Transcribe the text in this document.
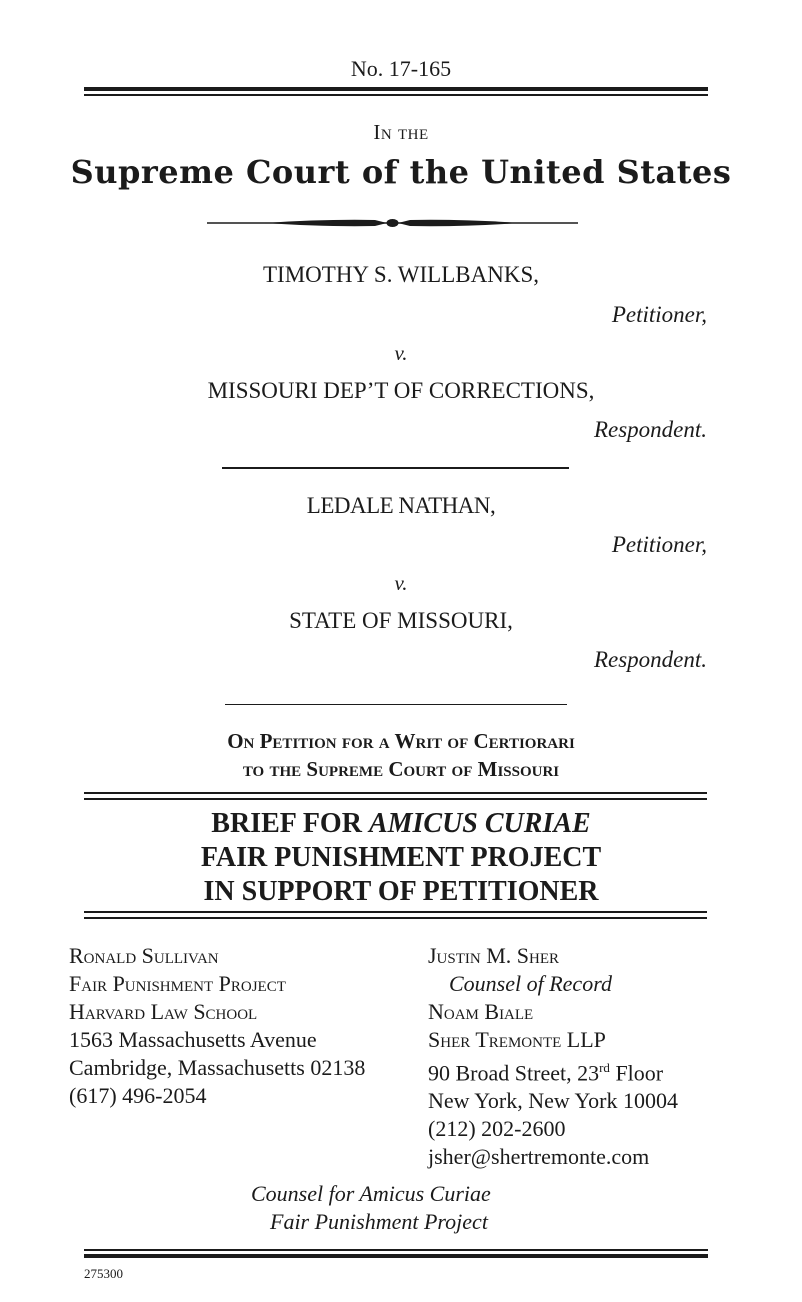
No. 17-165
In the
Supreme Court of the United States
TIMOTHY S. WILLBANKS,
Petitioner,
v.
MISSOURI DEP’T OF CORRECTIONS,
Respondent.
LEDALE NATHAN,
Petitioner,
v.
STATE OF MISSOURI,
Respondent.
On Petition for a Writ of Certiorari
to the Supreme Court of Missouri
BRIEF FOR AMICUS CURIAE
FAIR PUNISHMENT PROJECT
IN SUPPORT OF PETITIONER
Ronald Sullivan
Fair Punishment Project
Harvard Law School
1563 Massachusetts Avenue
Cambridge, Massachusetts 02138
(617) 496-2054
Justin M. Sher
Counsel of Record
Noam Biale
Sher Tremonte LLP
90 Broad Street, 23rd Floor
New York, New York 10004
(212) 202-2600
jsher@shertremonte.com
Counsel for Amicus Curiae
Fair Punishment Project
275300
